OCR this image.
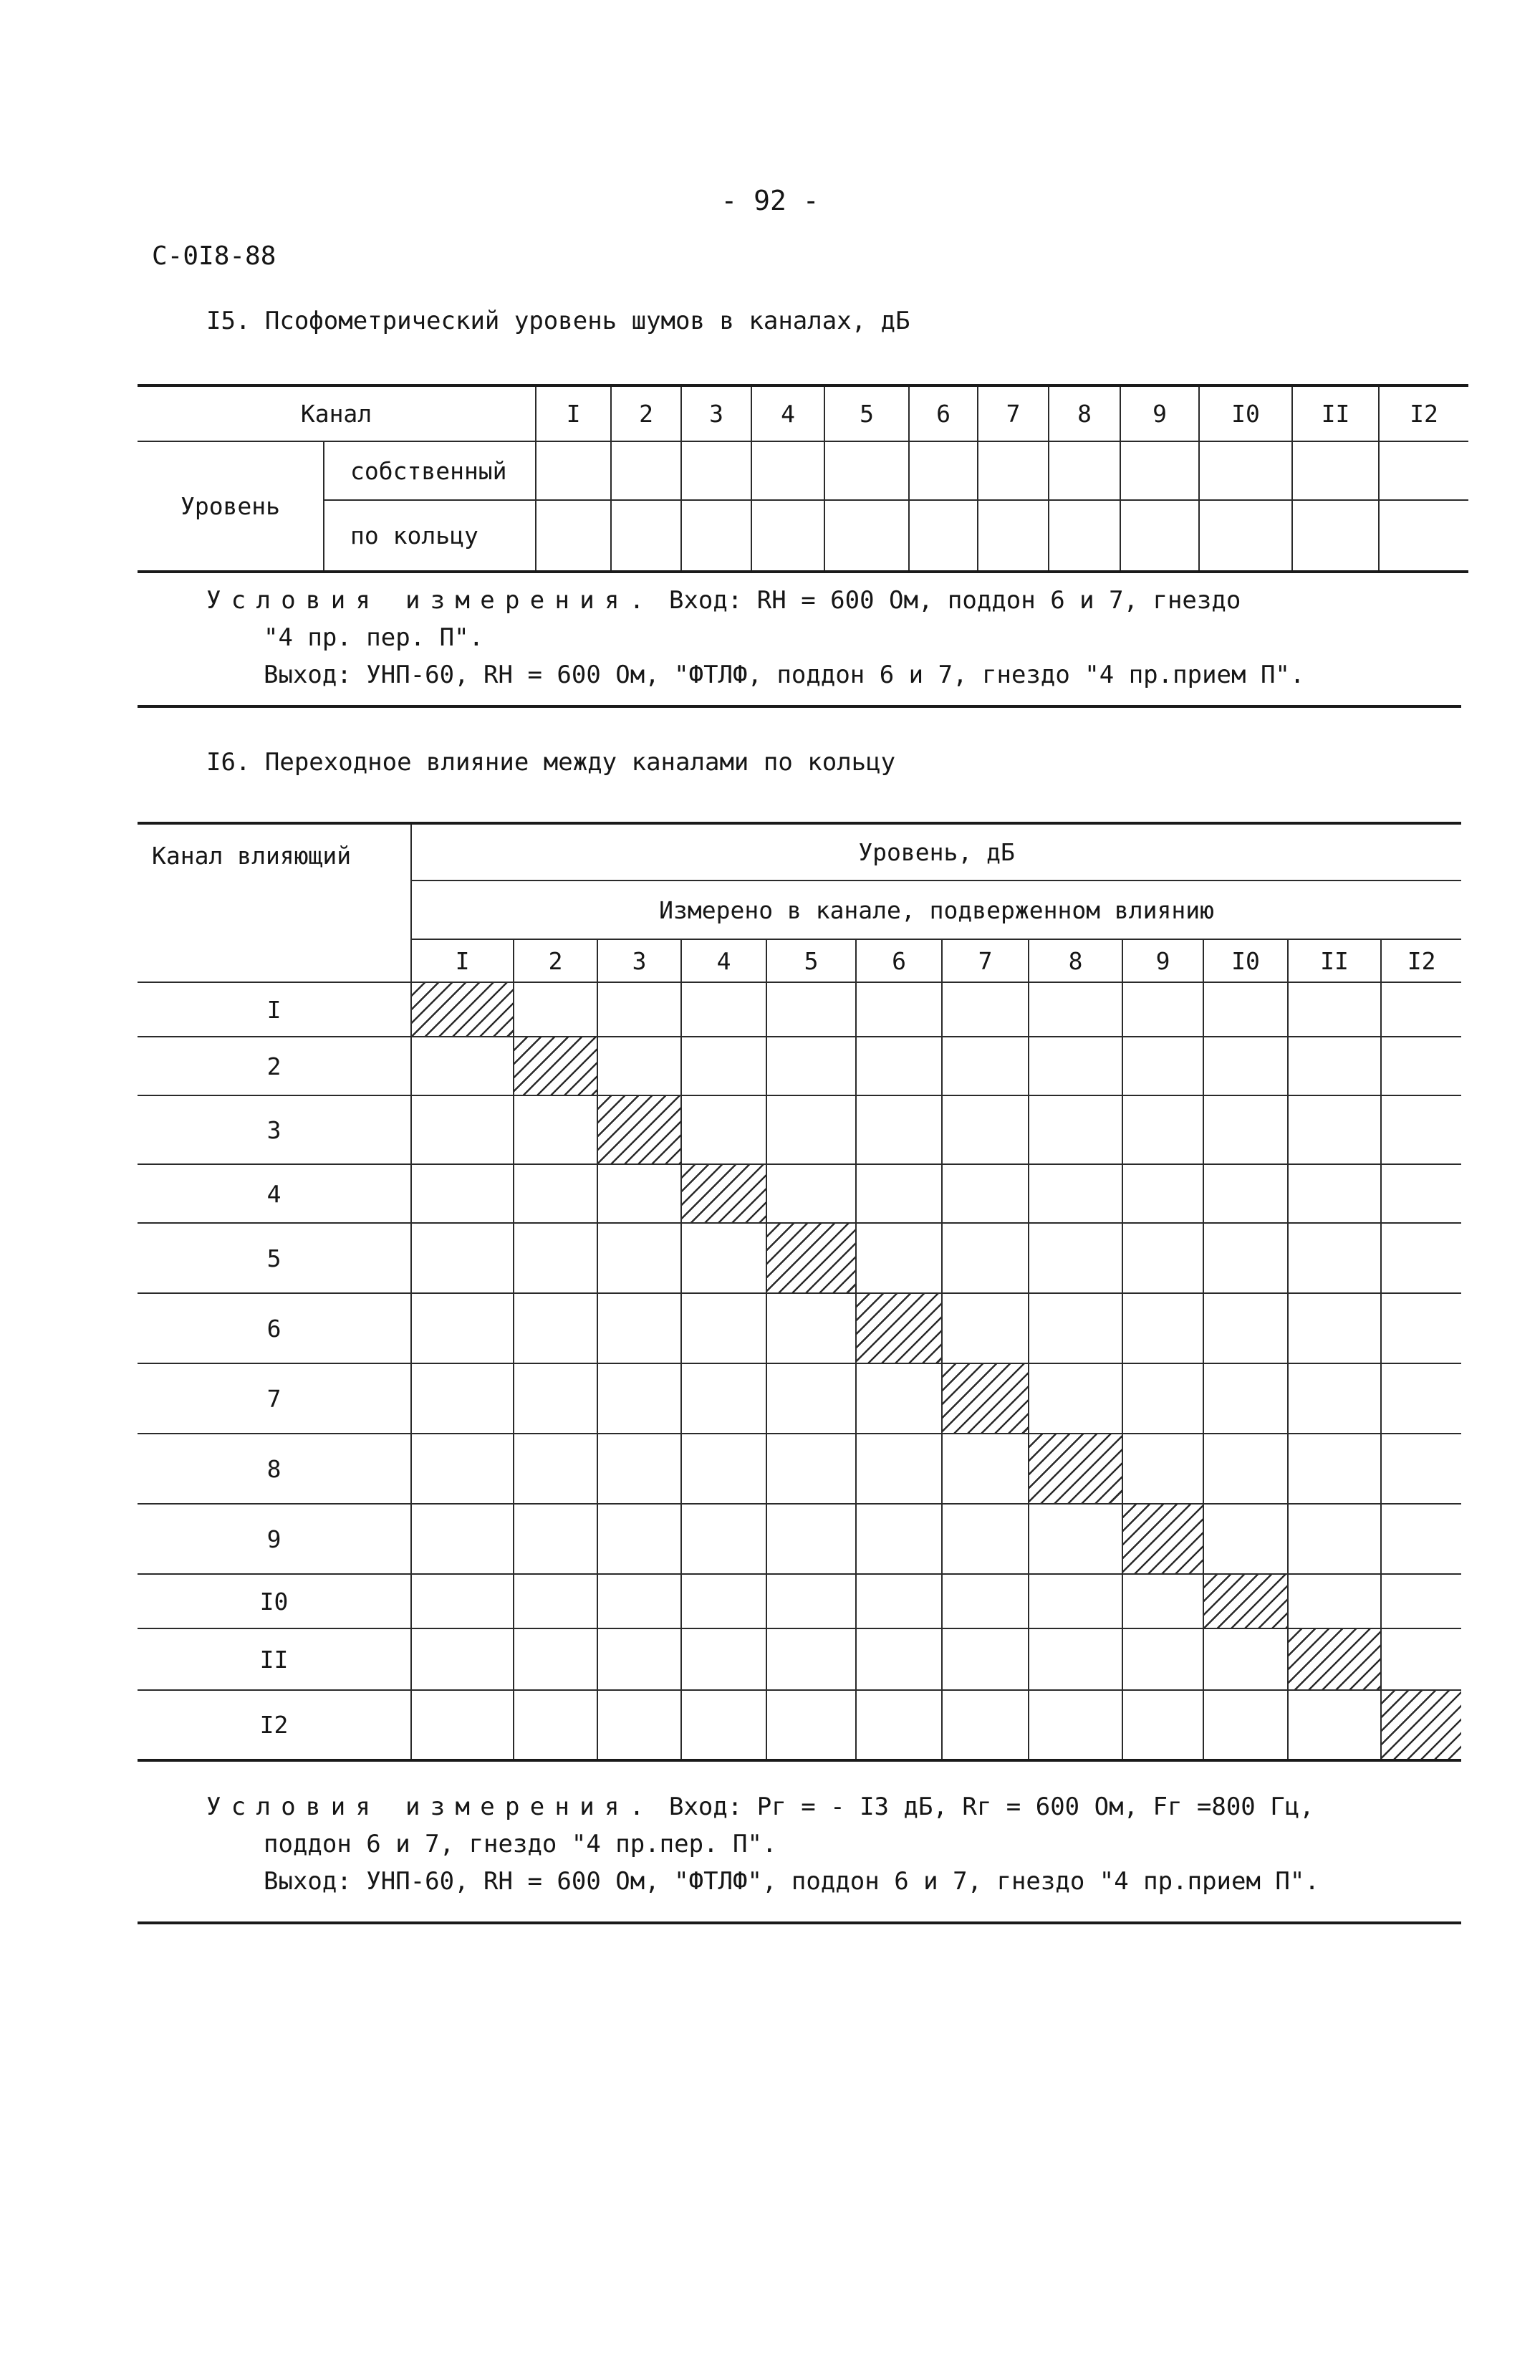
- 92 -
С-0I8-88
I5. Псофометрический уровень шумов в каналах, дБ
Канал		I	2	3	4	5	6	7	8	9	I0	II	I2
Уровень	собственный												
	по кольцу												
Условия измерения. Вход: RН = 600 Ом, поддон 6 и 7, гнездо
"4 пр. пер. П".
Выход: УНП-60, RН = 600 Ом, "ФТЛФ, поддон 6 и 7, гнездо "4 пр.прием П".
I6. Переходное влияние между каналами по кольцу
Канал влияющий	Уровень, дБ											
	Измерено в канале, подверженном влиянию											
	I	2	3	4	5	6	7	8	9	I0	II	I2
I												
2												
3												
4												
5												
6												
7												
8												
9												
I0												
II												
I2												
Условия измерения. Вход: Рг = - I3 дБ, Rг = 600 Ом, Fг =800 Гц,
поддон 6 и 7, гнездо "4 пр.пер. П".
Выход: УНП-60, RН = 600 Ом, "ФТЛФ", поддон 6 и 7, гнездо "4 пр.прием П".
